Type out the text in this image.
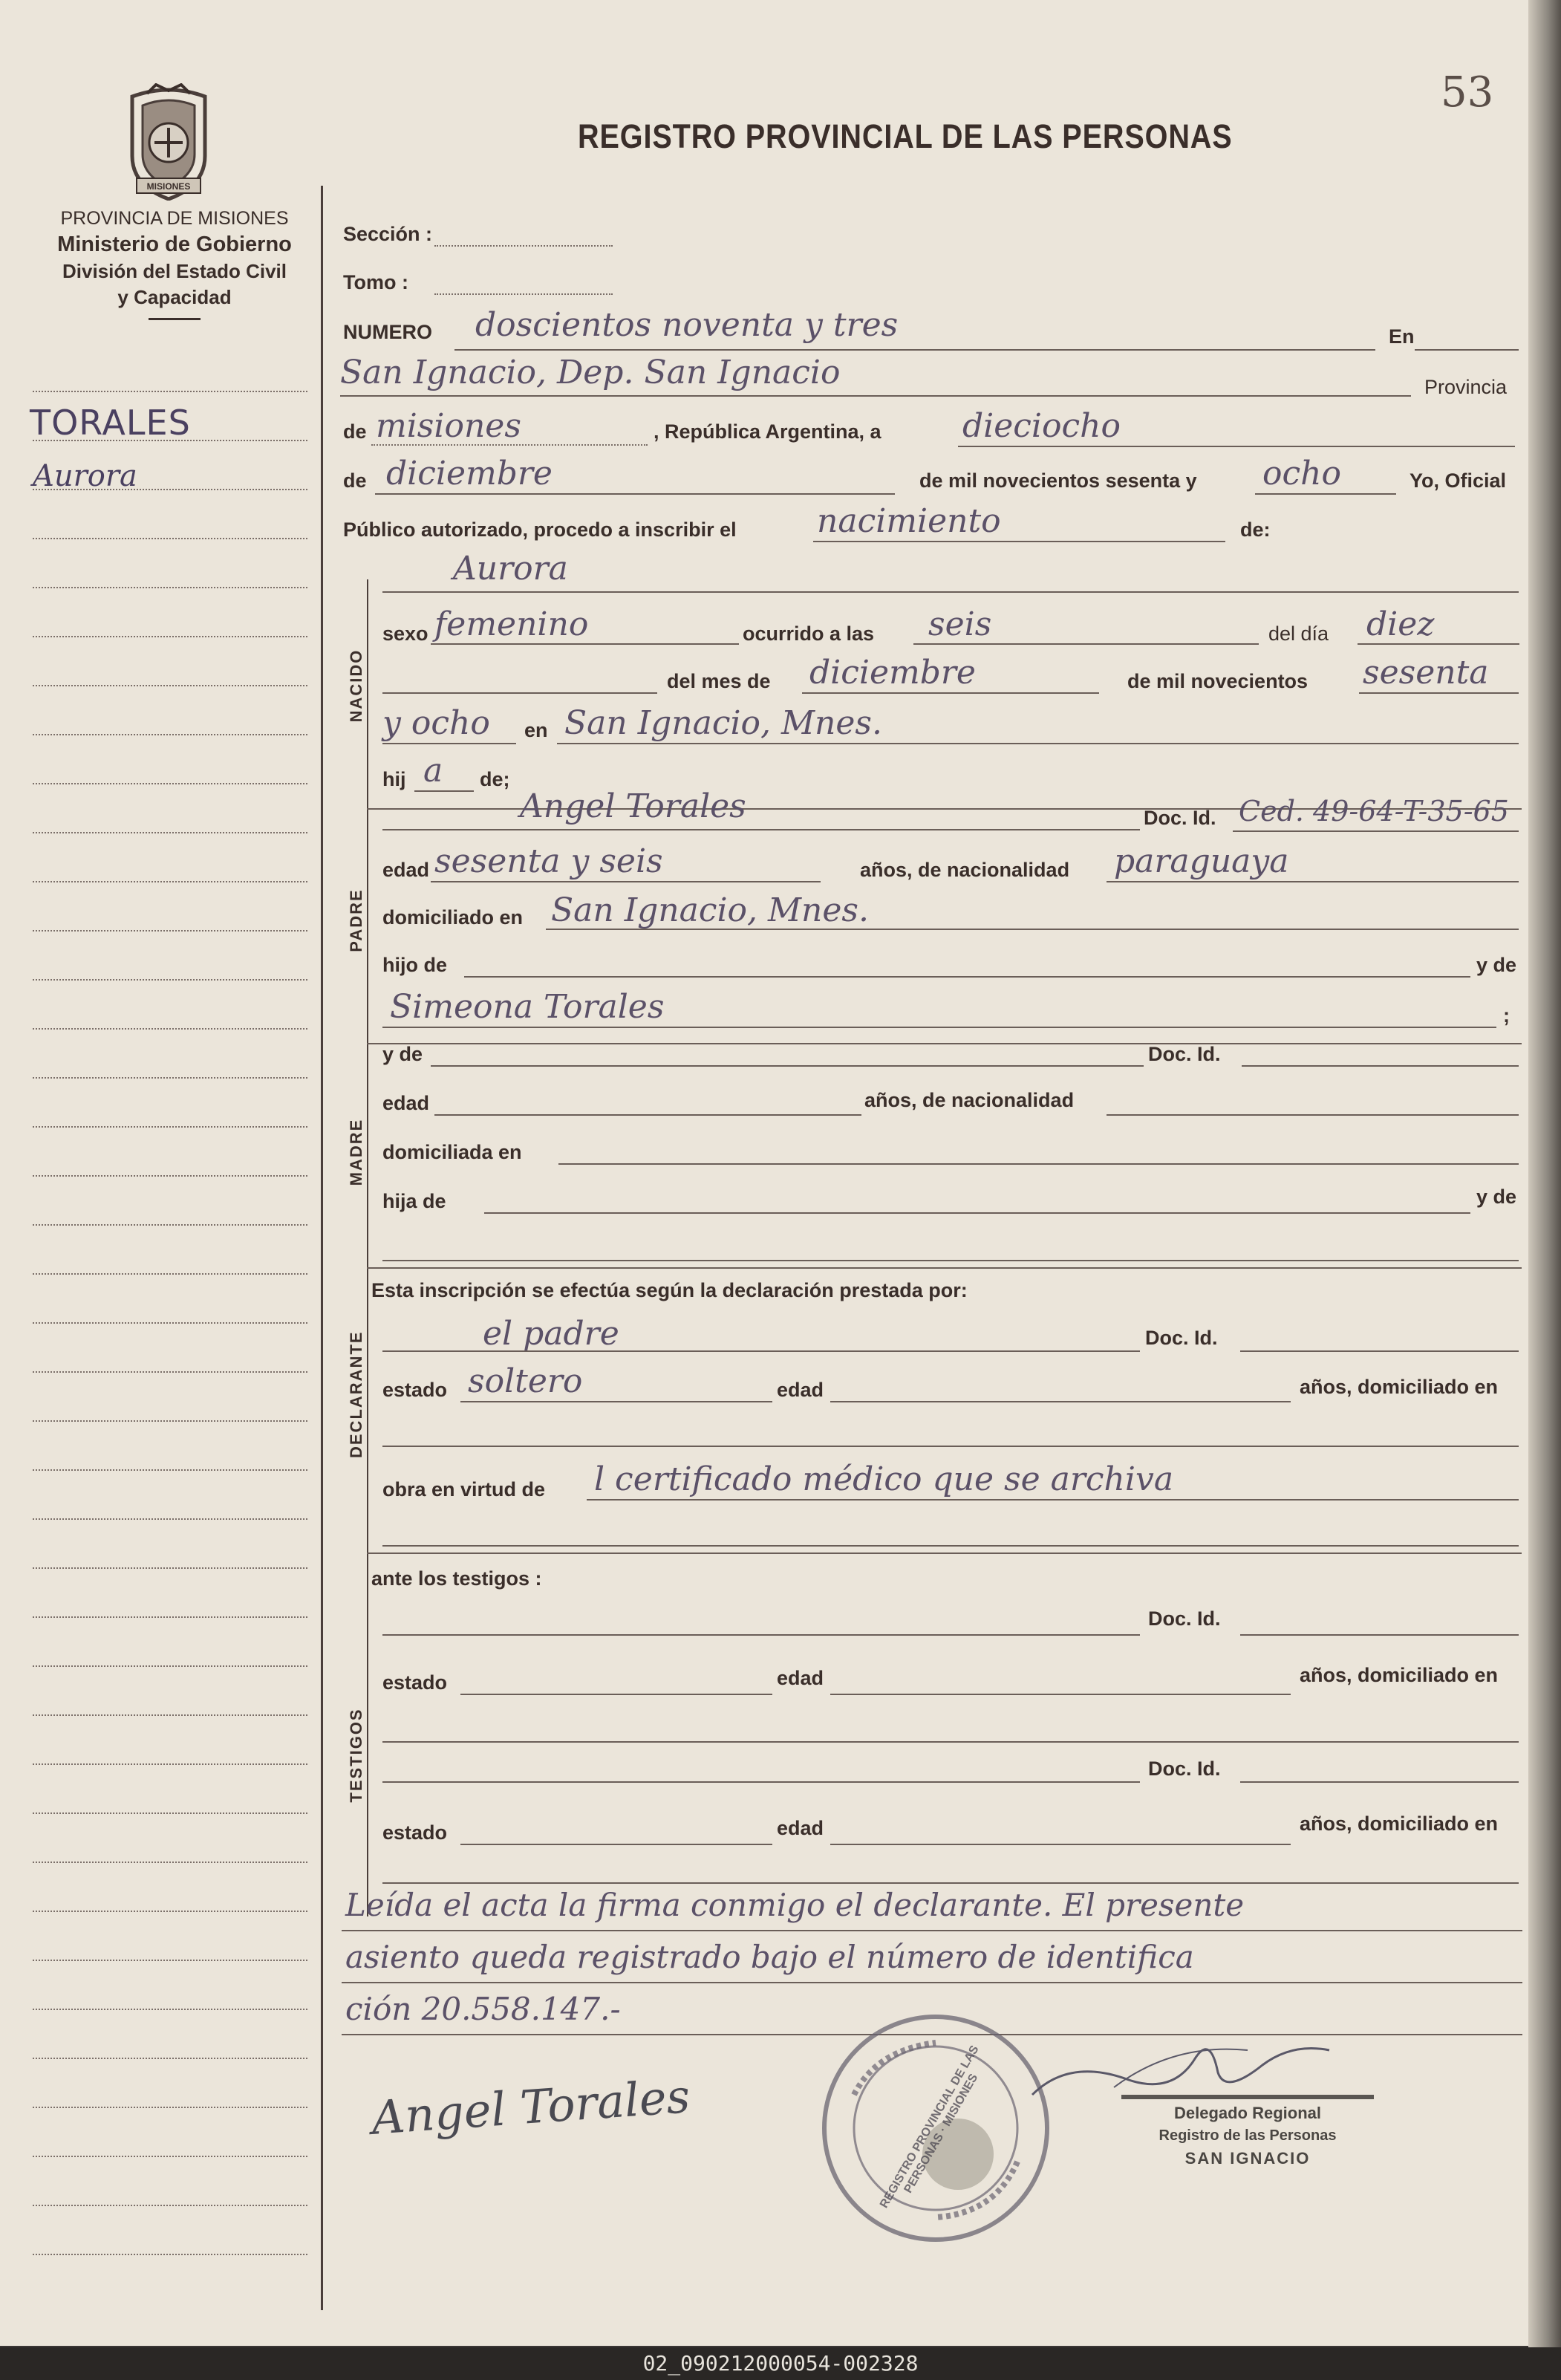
53
REGISTRO PROVINCIAL DE LAS PERSONAS
MISIONES
PROVINCIA DE MISIONES
Ministerio de Gobierno
División del Estado Civil
y Capacidad
TORALES
Aurora
Sección :
Tomo :
NUMERO doscientos noventa y tres	En
San Ignacio, Dep. San Ignacio	Provincia
de misiones	, República Argentina, a dieciocho
de diciembre	de mil novecientos sesenta y ocho	Yo, Oficial
Público autorizado, procedo a inscribir el nacimiento	de:
NACIDO
Aurora
sexo femenino	ocurrido a las seis	del día diez
del mes de diciembre	de mil novecientos sesenta
y ocho en San Ignacio, Mnes.
hij a de;
PADRE
Angel Torales	Doc. Id. Ced. 49-64-T-35-65
edad sesenta y seis	años, de nacionalidad paraguaya
domiciliado en San Ignacio, Mnes.
hijo de	y de
Simeona Torales	;
MADRE
y de	Doc. Id.
edad	años, de nacionalidad
domiciliada en
hija de	y de
Esta inscripción se efectúa según la declaración prestada por:
DECLARANTE	el padre	Doc. Id.
estado soltero	edad	años, domiciliado en
obra en virtud de l certificado médico que se archiva
ante los testigos :
TESTIGOS
Doc. Id.
estado	edad	años, domiciliado en
Doc. Id.
estado	edad	años, domiciliado en
Leída el acta la firma conmigo el declarante. El presente
asiento queda registrado bajo el número de identifica
ción 20.558.147.-
Angel Torales	REGISTRO PROVINCIAL DE LAS PERSONAS · MISIONES	Delegado Regional
Registro de las Personas
SAN IGNACIO
02_090212000054-002328
